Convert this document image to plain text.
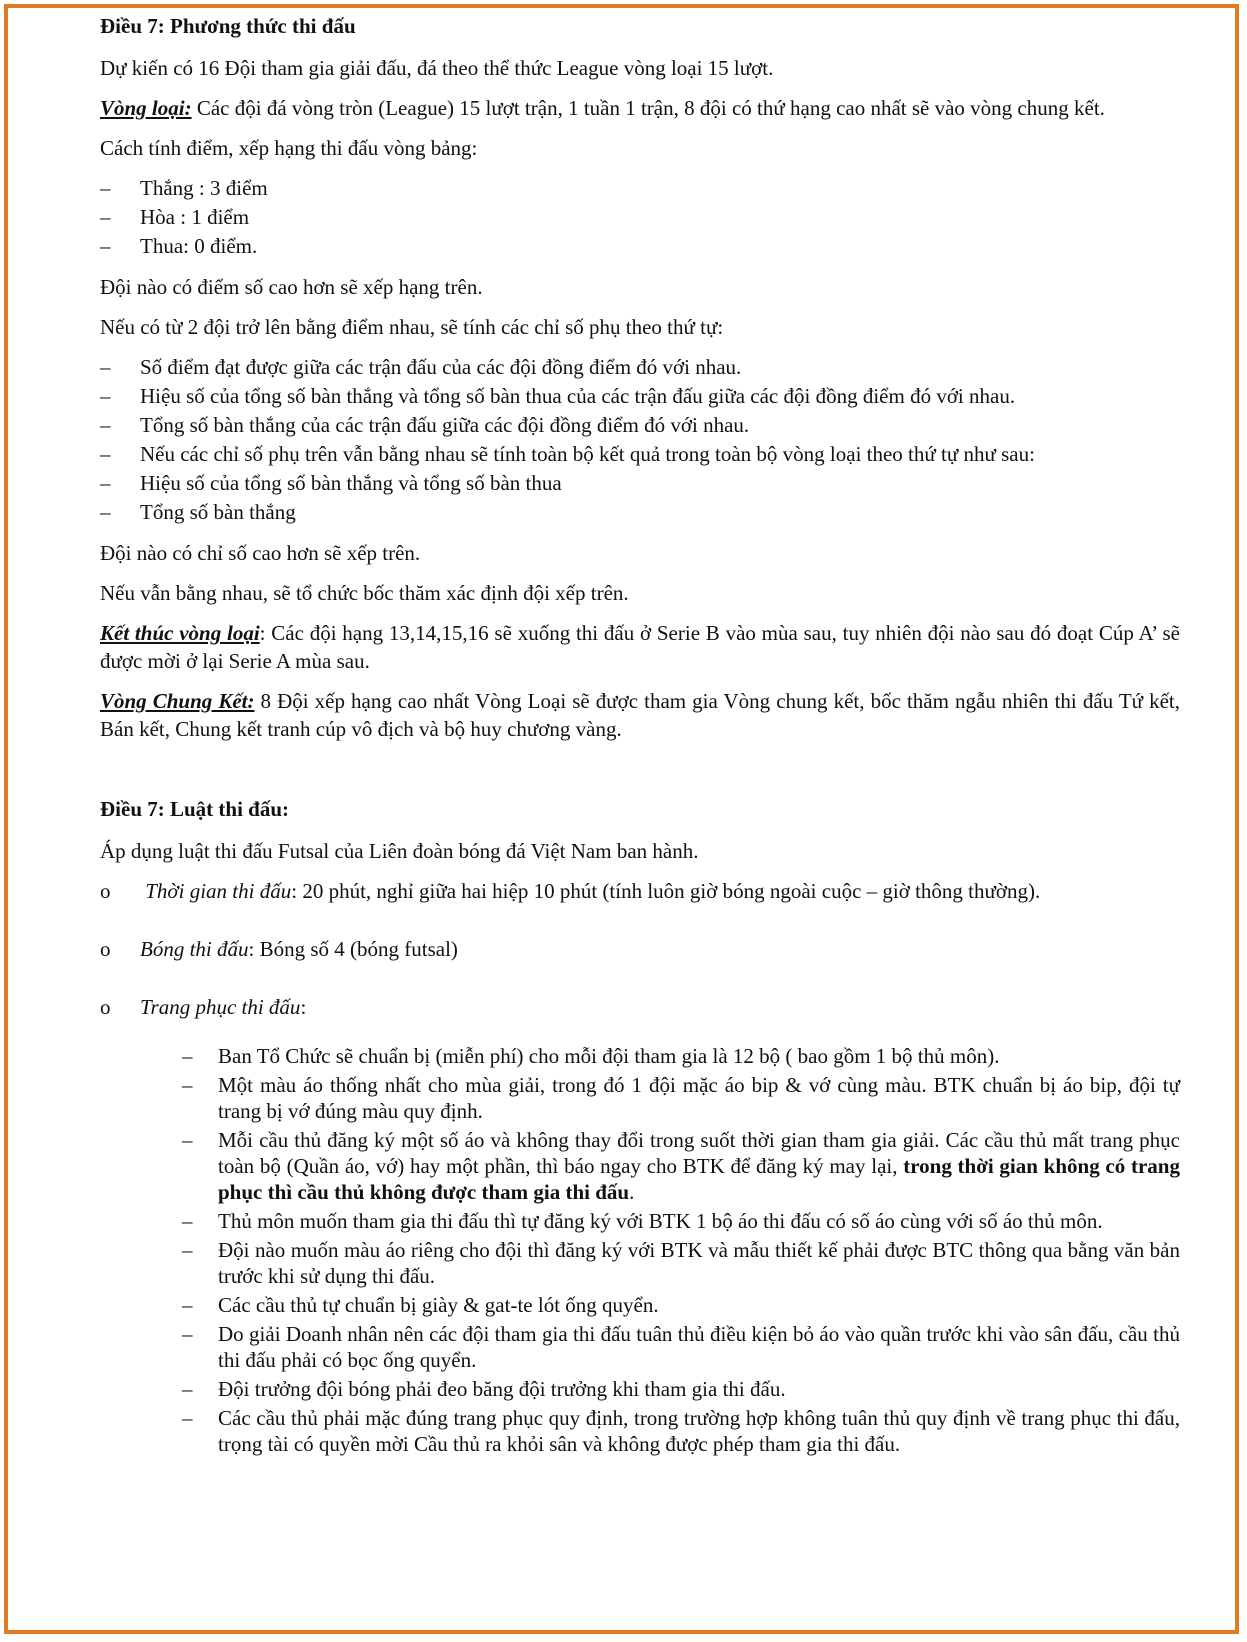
Điều 7: Phương thức thi đấu
Dự kiến có 16 Đội tham gia giải đấu, đá theo thể thức League vòng loại 15 lượt.
Vòng loại: Các đội đá vòng tròn (League) 15 lượt trận, 1 tuần 1 trận, 8 đội có thứ hạng cao nhất sẽ vào vòng chung kết.
Cách tính điểm, xếp hạng thi đấu vòng bảng:
– Thắng : 3 điểm
– Hòa : 1 điểm
– Thua: 0 điểm.
Đội nào có điểm số cao hơn sẽ xếp hạng trên.
Nếu có từ 2 đội trở lên bằng điểm nhau, sẽ tính các chỉ số phụ theo thứ tự:
– Số điểm đạt được giữa các trận đấu của các đội đồng điểm đó với nhau.
– Hiệu số của tổng số bàn thắng và tổng số bàn thua của các trận đấu giữa các đội đồng điểm đó với nhau.
– Tổng số bàn thắng của các trận đấu giữa các đội đồng điểm đó với nhau.
– Nếu các chỉ số phụ trên vẫn bằng nhau sẽ tính toàn bộ kết quả trong toàn bộ vòng loại theo thứ tự như sau:
– Hiệu số của tổng số bàn thắng và tổng số bàn thua
– Tổng số bàn thắng
Đội nào có chỉ số cao hơn sẽ xếp trên.
Nếu vẫn bằng nhau, sẽ tổ chức bốc thăm xác định đội xếp trên.
Kết thúc vòng loại: Các đội hạng 13,14,15,16 sẽ xuống thi đấu ở Serie B vào mùa sau, tuy nhiên đội nào sau đó đoạt Cúp A’ sẽ được mời ở lại Serie A mùa sau.
Vòng Chung Kết: 8 Đội xếp hạng cao nhất Vòng Loại sẽ được tham gia Vòng chung kết, bốc thăm ngẫu nhiên thi đấu Tứ kết, Bán kết, Chung kết tranh cúp vô địch và bộ huy chương vàng.
Điều 7: Luật thi đấu:
Áp dụng luật thi đấu Futsal của Liên đoàn bóng đá Việt Nam ban hành.
o Thời gian thi đấu: 20 phút, nghỉ giữa hai hiệp 10 phút (tính luôn giờ bóng ngoài cuộc – giờ thông thường).
o Bóng thi đấu: Bóng số 4 (bóng futsal)
o Trang phục thi đấu:
– Ban Tổ Chức sẽ chuẩn bị (miễn phí) cho mỗi đội tham gia là 12 bộ ( bao gồm 1 bộ thủ môn).
– Một màu áo thống nhất cho mùa giải, trong đó 1 đội mặc áo bip & vớ cùng màu. BTK chuẩn bị áo bip, đội tự trang bị vớ đúng màu quy định.
– Mỗi cầu thủ đăng ký một số áo và không thay đổi trong suốt thời gian tham gia giải. Các cầu thủ mất trang phục toàn bộ (Quần áo, vớ) hay một phần, thì báo ngay cho BTK để đăng ký may lại, trong thời gian không có trang phục thì cầu thủ không được tham gia thi đấu.
– Thủ môn muốn tham gia thi đấu thì tự đăng ký với BTK 1 bộ áo thi đấu có số áo cùng với số áo thủ môn.
– Đội nào muốn màu áo riêng cho đội thì đăng ký với BTK và mẫu thiết kế phải được BTC thông qua bằng văn bản trước khi sử dụng thi đấu.
– Các cầu thủ tự chuẩn bị giày & gat-te lót ống quyển.
– Do giải Doanh nhân nên các đội tham gia thi đấu tuân thủ điều kiện bỏ áo vào quần trước khi vào sân đấu, cầu thủ thi đấu phải có bọc ống quyển.
– Đội trưởng đội bóng phải đeo băng đội trưởng khi tham gia thi đấu.
– Các cầu thủ phải mặc đúng trang phục quy định, trong trường hợp không tuân thủ quy định về trang phục thi đấu, trọng tài có quyền mời Cầu thủ ra khỏi sân và không được phép tham gia thi đấu.
